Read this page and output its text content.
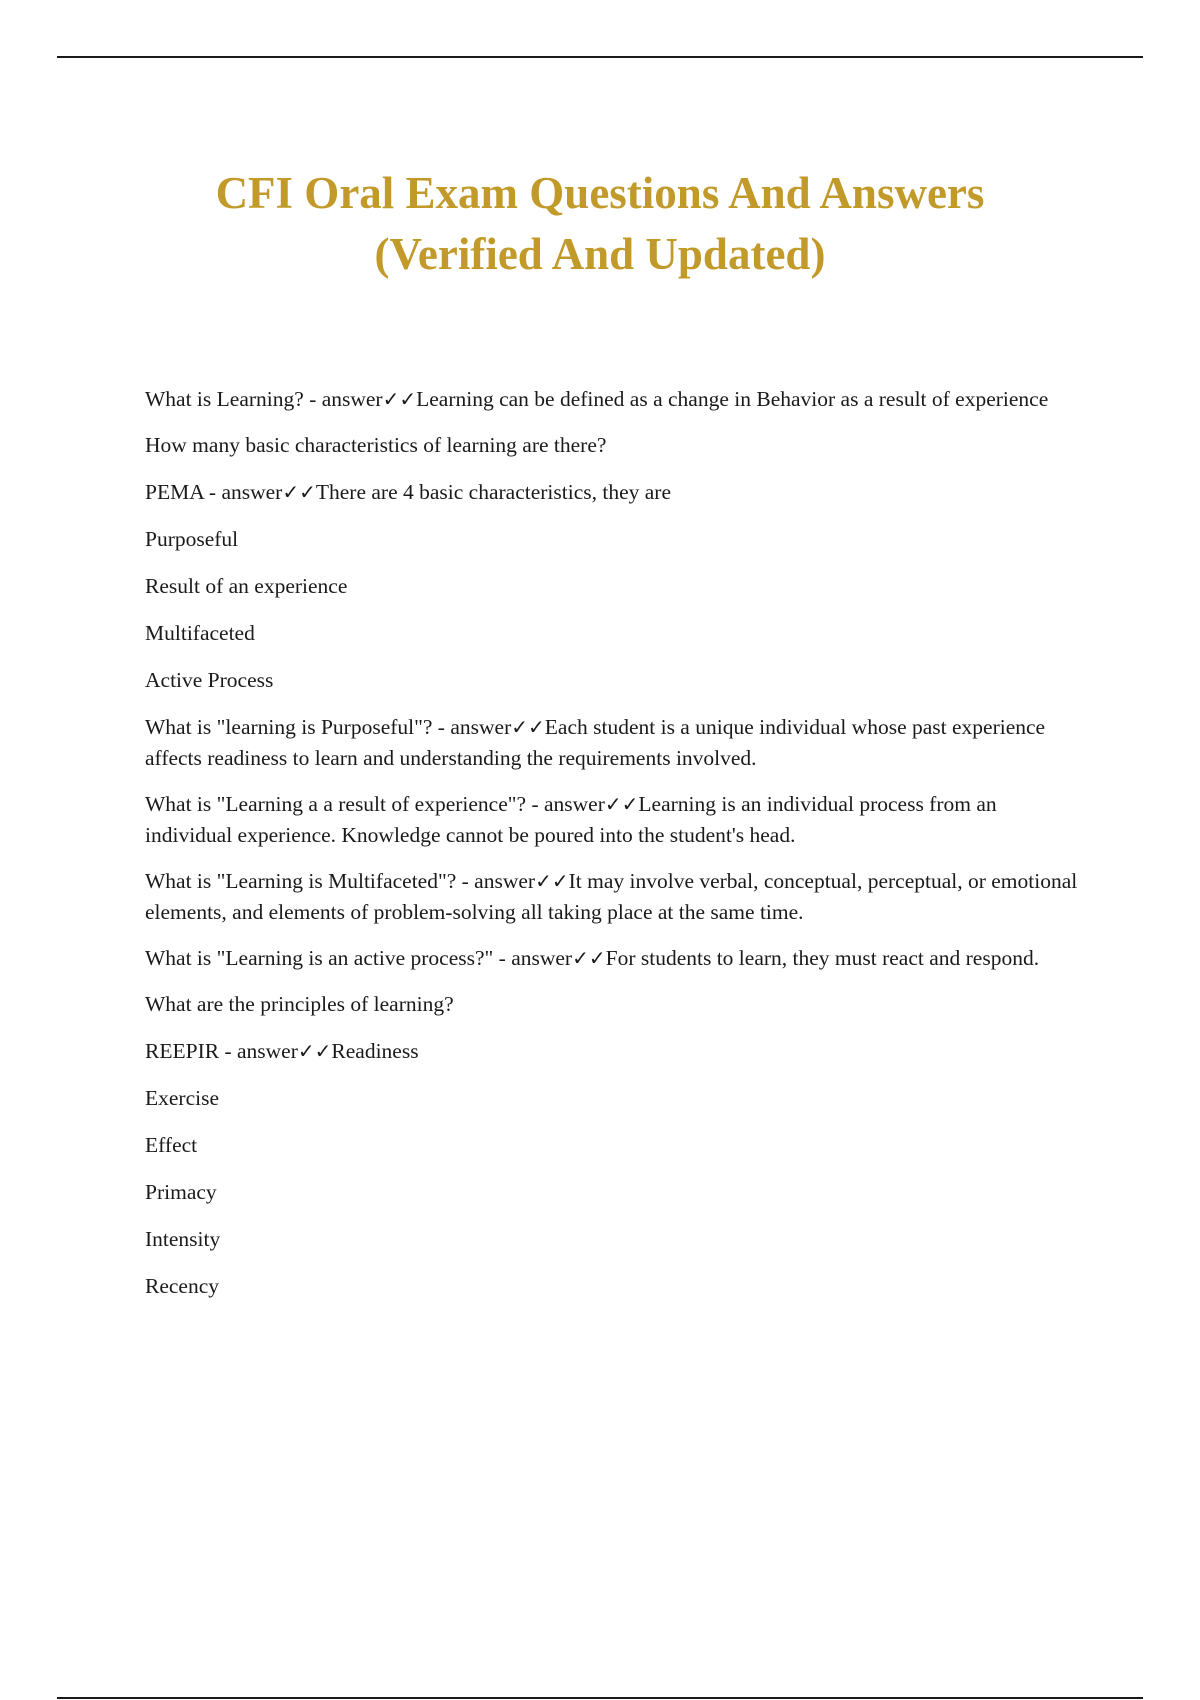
CFI Oral Exam Questions And Answers
(Verified And Updated)

What is Learning? - answer✓✓Learning can be defined as a change in Behavior as a result of experience

How many basic characteristics of learning are there?

PEMA - answer✓✓There are 4 basic characteristics, they are

Purposeful

Result of an experience

Multifaceted

Active Process

What is "learning is Purposeful"? - answer✓✓Each student is a unique individual whose past experience affects readiness to learn and understanding the requirements involved.

What is "Learning a a result of experience"? - answer✓✓Learning is an individual process from an individual experience. Knowledge cannot be poured into the student's head.

What is "Learning is Multifaceted"? - answer✓✓It may involve verbal, conceptual, perceptual, or emotional elements, and elements of problem-solving all taking place at the same time.

What is "Learning is an active process?" - answer✓✓For students to learn, they must react and respond.

What are the principles of learning?

REEPIR - answer✓✓Readiness

Exercise

Effect

Primacy

Intensity

Recency
